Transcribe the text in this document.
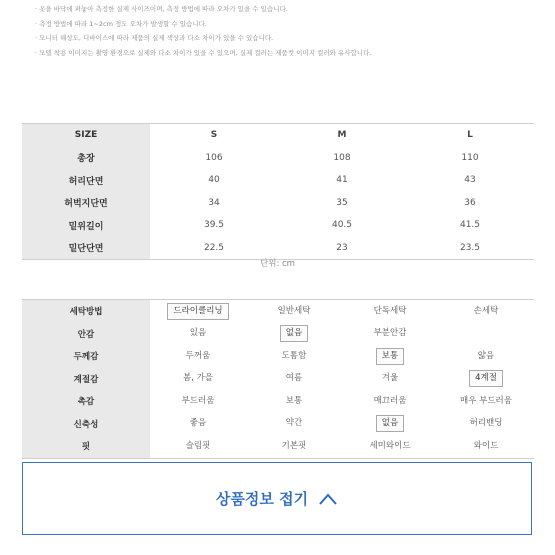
· 옷을 바닥에 펴놓아 측정한 실제 사이즈이며, 측정 방법에 따라 오차가 있을 수 있습니다.
· 측정 방법에 따라 1~2cm 정도 오차가 발생할 수 있습니다.
· 모니터 해상도, 디바이스에 따라 제품의 실제 색상과 다소 차이가 있을 수 있습니다.
· 모델 착용 이미지는 촬영 환경으로 실제와 다소 차이가 있을 수 있으며, 실제 컬러는 제품컷 이미지 컬러와 유사합니다.
SIZE	S	M	L
총장	106	108	110
허리단면	40	41	43
허벅지단면	34	35	36
밑위길이	39.5	40.5	41.5
밑단단면	22.5	23	23.5
단위: cm
세탁방법	드라이클리닝	일반세탁	단독세탁	손세탁
안감	있음	없음	부분안감	
두께감	두꺼움	도톰함	보통	얇음
계절감	봄, 가을	여름	겨울	4계절
촉감	부드러움	보통	매끄러움	매우 부드러움
신축성	좋음	약간	없음	허리밴딩
핏	슬림핏	기본핏	세미와이드	와이드
상품정보 접기
